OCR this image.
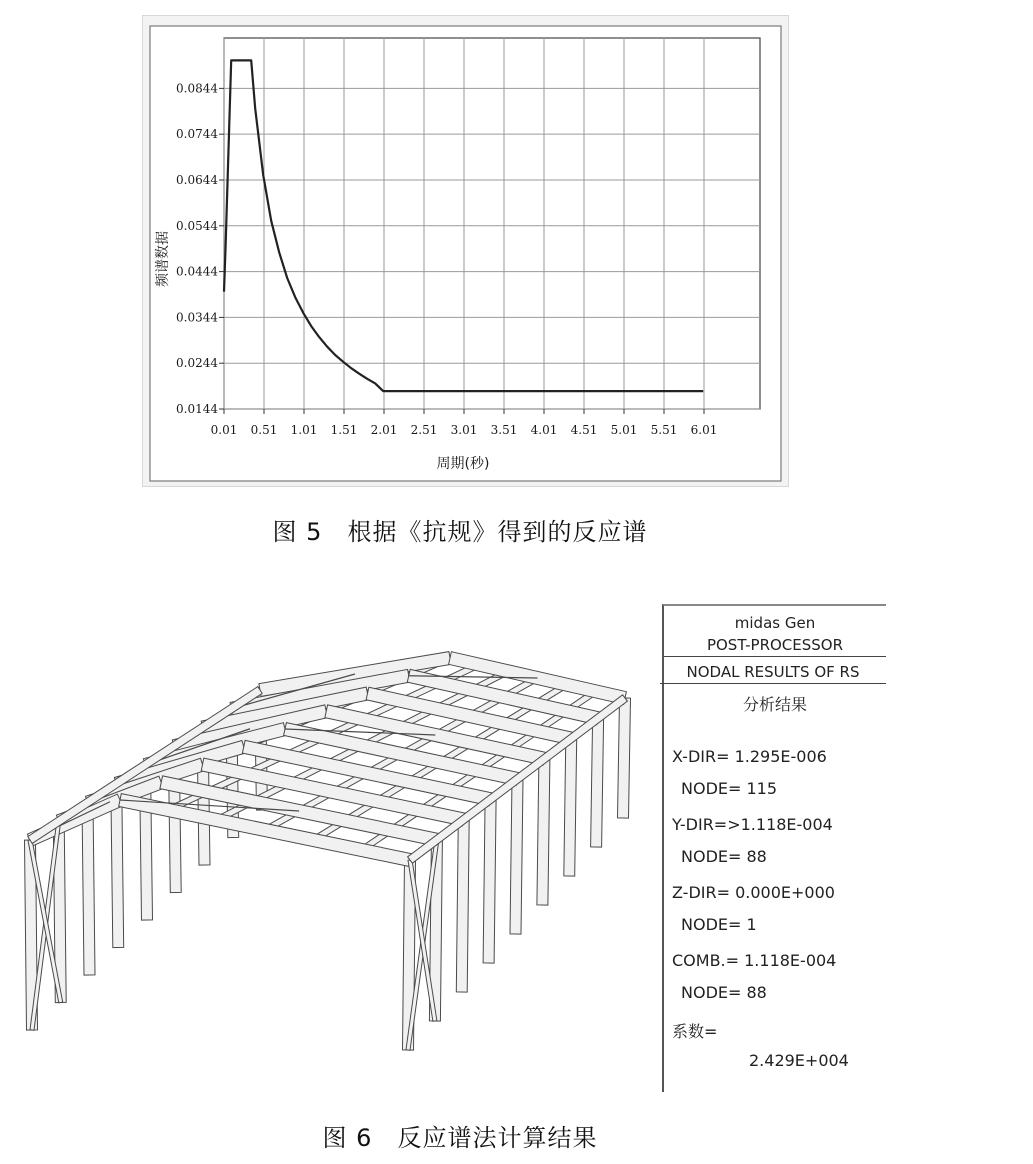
0.01 0.51 1.01 1.51 2.01 2.51 3.01 3.51 4.01 4.51 5.01 5.51 6.01
0.0144
0.0244
0.0344
0.0444
0.0544
0.0644
0.0744
0.0844
周期(秒)
频谱数据
图 5　根据《抗规》得到的反应谱
midas Gen
POST-PROCESSOR
NODAL RESULTS OF RS
分析结果
X-DIR= 1.295E-006
NODE= 115
Y-DIR=>1.118E-004
NODE= 88
Z-DIR= 0.000E+000
NODE= 1
COMB.= 1.118E-004
NODE= 88
系数=
2.429E+004
图 6　反应谱法计算结果
